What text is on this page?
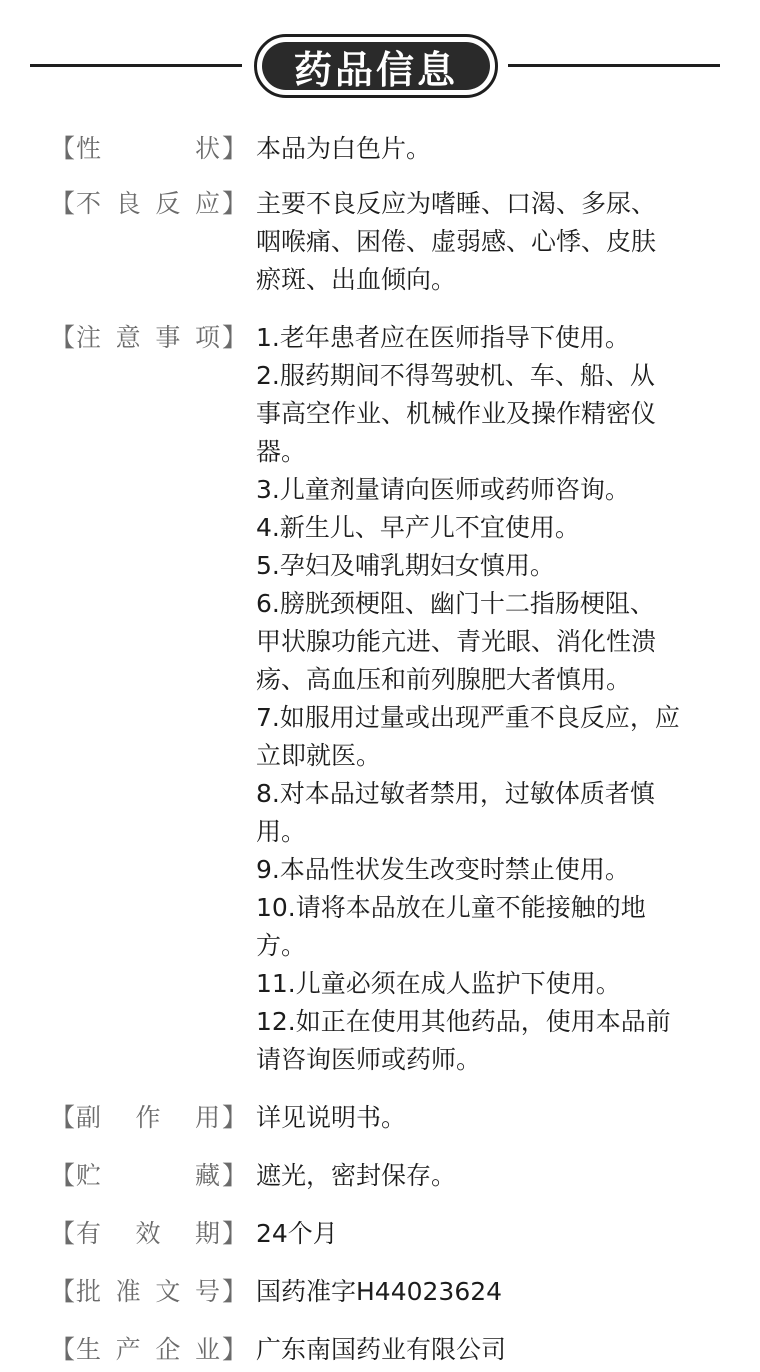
药品信息
【 性	状 】 本品为白色片。
【 不 良 反 应 】 主要不良反应为嗜睡、口渴、多尿、
咽喉痛、困倦、虚弱感、心悸、皮肤
瘀斑、出血倾向。
【 注 意 事 项 】 1.老年患者应在医师指导下使用。
2.服药期间不得驾驶机、车、船、从
事高空作业、机械作业及操作精密仪
器。
3.儿童剂量请向医师或药师咨询。
4.新生儿、早产儿不宜使用。
5.孕妇及哺乳期妇女慎用。
6.膀胱颈梗阻、幽门十二指肠梗阻、
甲状腺功能亢进、青光眼、消化性溃
疡、高血压和前列腺肥大者慎用。
7.如服用过量或出现严重不良反应，应
立即就医。
8.对本品过敏者禁用，过敏体质者慎
用。
9.本品性状发生改变时禁止使用。
10.请将本品放在儿童不能接触的地
方。
11.儿童必须在成人监护下使用。
12.如正在使用其他药品，使用本品前
请咨询医师或药师。
【 副 作 用 】 详见说明书。
【 贮	藏 】 遮光，密封保存。
【 有 效 期 】 24个月
【 批 准 文 号 】 国药准字H44023624
【 生 产 企 业 】 广东南国药业有限公司
